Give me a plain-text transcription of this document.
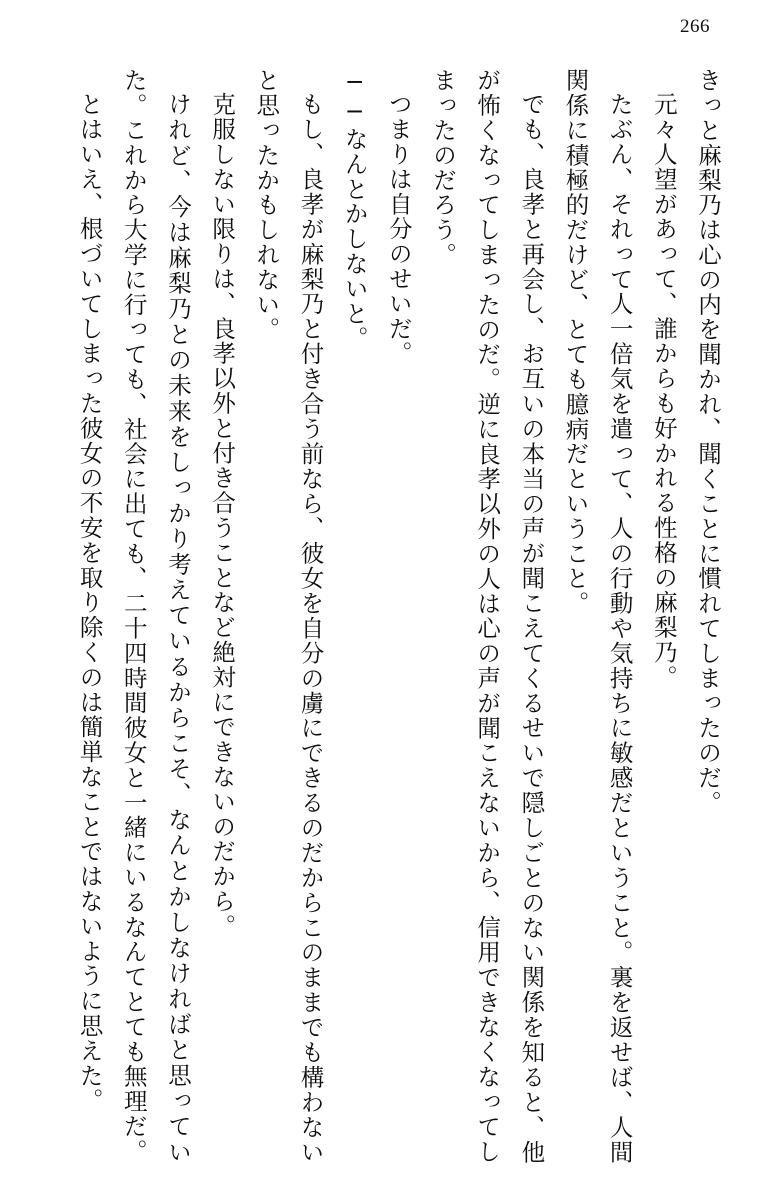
266

きっと麻梨乃は心の内を聞かれ、聞くことに慣れてしまったのだ。

元々人望があって、誰からも好かれる性格の麻梨乃。

たぶん、それって人一倍気を遣って、人の行動や気持ちに敏感だということ。裏を返せば、人間関係に積極的だけど、とても臆病だということ。

でも、良孝と再会し、お互いの本当の声が聞こえてくるせいで隠しごとのない関係を知ると、他が怖くなってしまったのだ。逆に良孝以外の人は心の声が聞こえないから、信用できなくなってしまったのだろう。

つまりは自分のせいだ。

──なんとかしないと。

もし、良孝が麻梨乃と付き合う前なら、彼女を自分の虜にできるのだからこのままでも構わないと思ったかもしれない。

克服しない限りは、良孝以外と付き合うことなど絶対にできないのだから。

けれど、今は麻梨乃との未来をしっかり考えているからこそ、なんとかしなければと思っていた。これから大学に行っても、社会に出ても、二十四時間彼女と一緒にいるなんてとても無理だ。

とはいえ、根づいてしまった彼女の不安を取り除くのは簡単なことではないように思えた。
